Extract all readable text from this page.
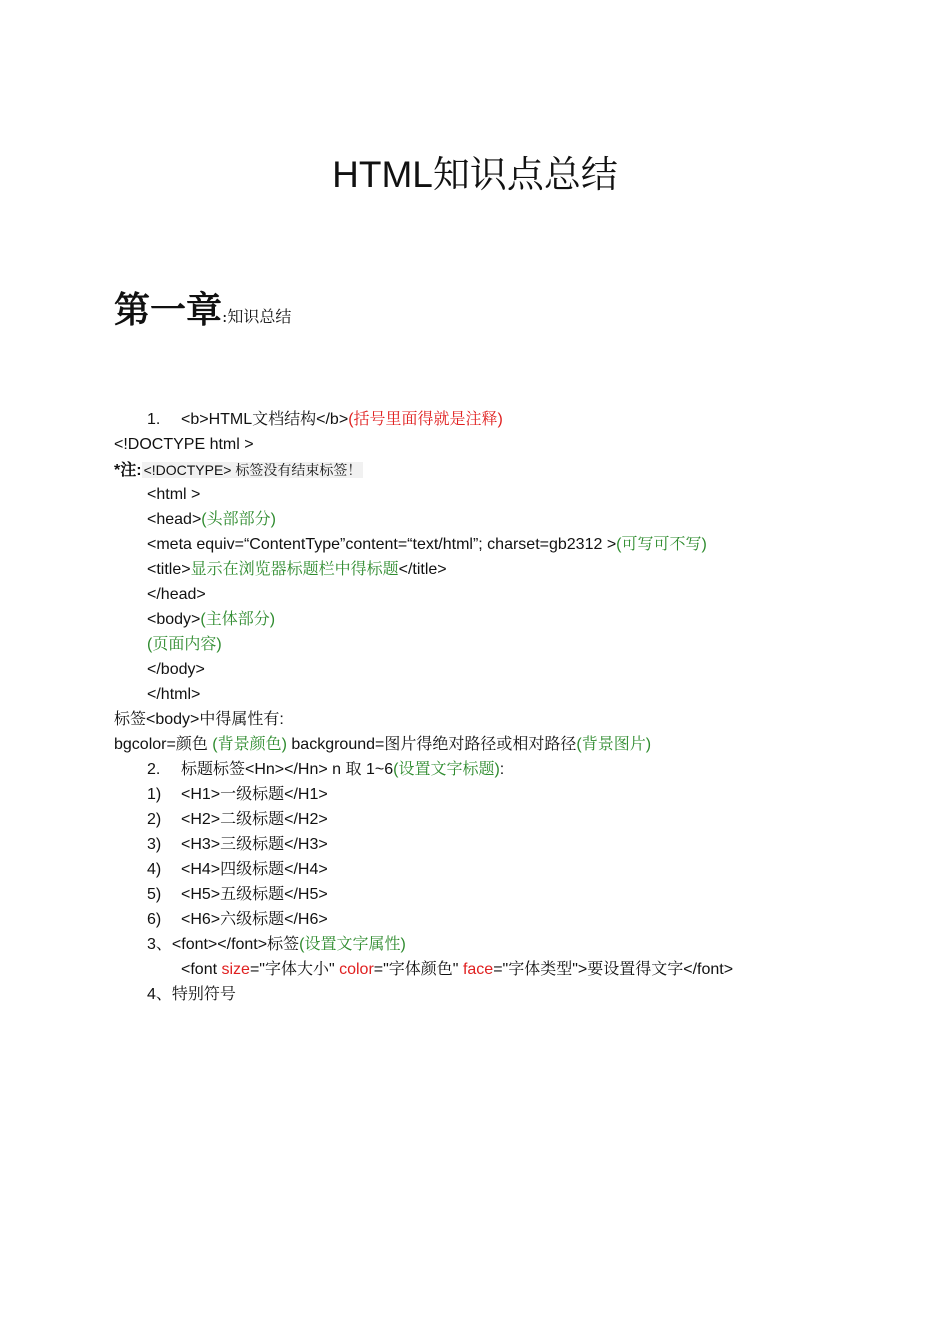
HTML知识点总结
第一章:知识总结
1. <b>HTML文档结构</b>(括号里面得就是注释)
<!DOCTYPE html >
*注: <!DOCTYPE> 标签没有结束标签！
<html >
<head>(头部部分)
<meta equiv=“ContentType”content=“text/html”; charset=gb2312 >(可写可不写)
<title>显示在浏览器标题栏中得标题</title>
</head>
<body>(主体部分)
(页面内容)
</body>
</html>
标签<body>中得属性有:
bgcolor=颜色 (背景颜色) background=图片得绝对路径或相对路径(背景图片)
2. 标题标签<Hn></Hn> n 取 1~6(设置文字标题):
1) <H1>一级标题</H1>
2) <H2>二级标题</H2>
3) <H3>三级标题</H3>
4) <H4>四级标题</H4>
5) <H5>五级标题</H5>
6) <H6>六级标题</H6>
3、<font></font>标签(设置文字属性)
<font size="字体大小" color="字体颜色" face="字体类型">要设置得文字</font>
4、特别符号
